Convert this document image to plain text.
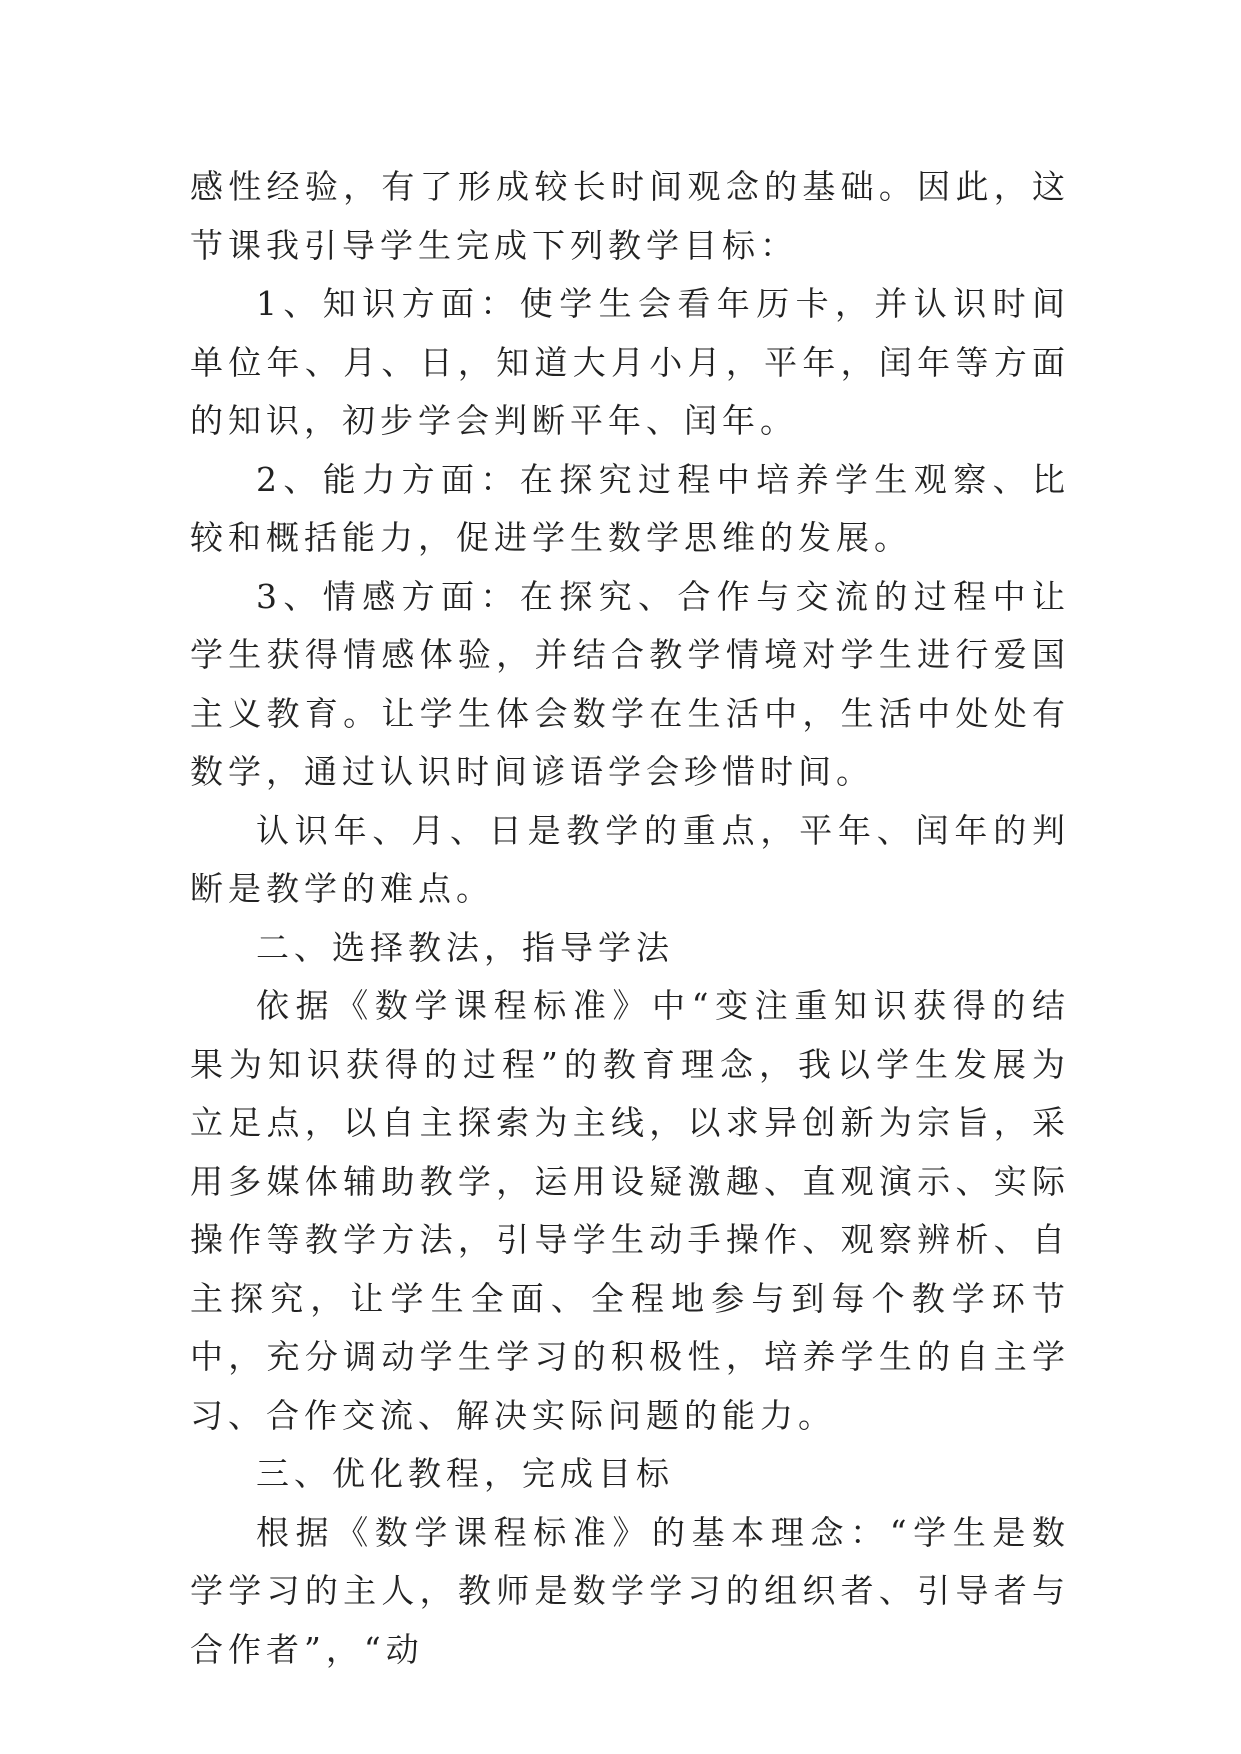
感性经验，有了形成较长时间观念的基础。因此，这节课我引导学生完成下列教学目标：

1、知识方面：使学生会看年历卡，并认识时间单位年、月、日，知道大月小月，平年，闰年等方面的知识，初步学会判断平年、闰年。

2、能力方面：在探究过程中培养学生观察、比较和概括能力，促进学生数学思维的发展。

3、情感方面：在探究、合作与交流的过程中让学生获得情感体验，并结合教学情境对学生进行爱国主义教育。让学生体会数学在生活中，生活中处处有数学，通过认识时间谚语学会珍惜时间。

认识年、月、日是教学的重点，平年、闰年的判断是教学的难点。

二、选择教法，指导学法

依据《数学课程标准》中“变注重知识获得的结果为知识获得的过程”的教育理念，我以学生发展为立足点，以自主探索为主线，以求异创新为宗旨，采用多媒体辅助教学，运用设疑激趣、直观演示、实际操作等教学方法，引导学生动手操作、观察辨析、自主探究，让学生全面、全程地参与到每个教学环节中，充分调动学生学习的积极性，培养学生的自主学习、合作交流、解决实际问题的能力。

三、优化教程，完成目标

根据《数学课程标准》的基本理念：“学生是数学学习的主人，教师是数学学习的组织者、引导者与合作者”，“动
